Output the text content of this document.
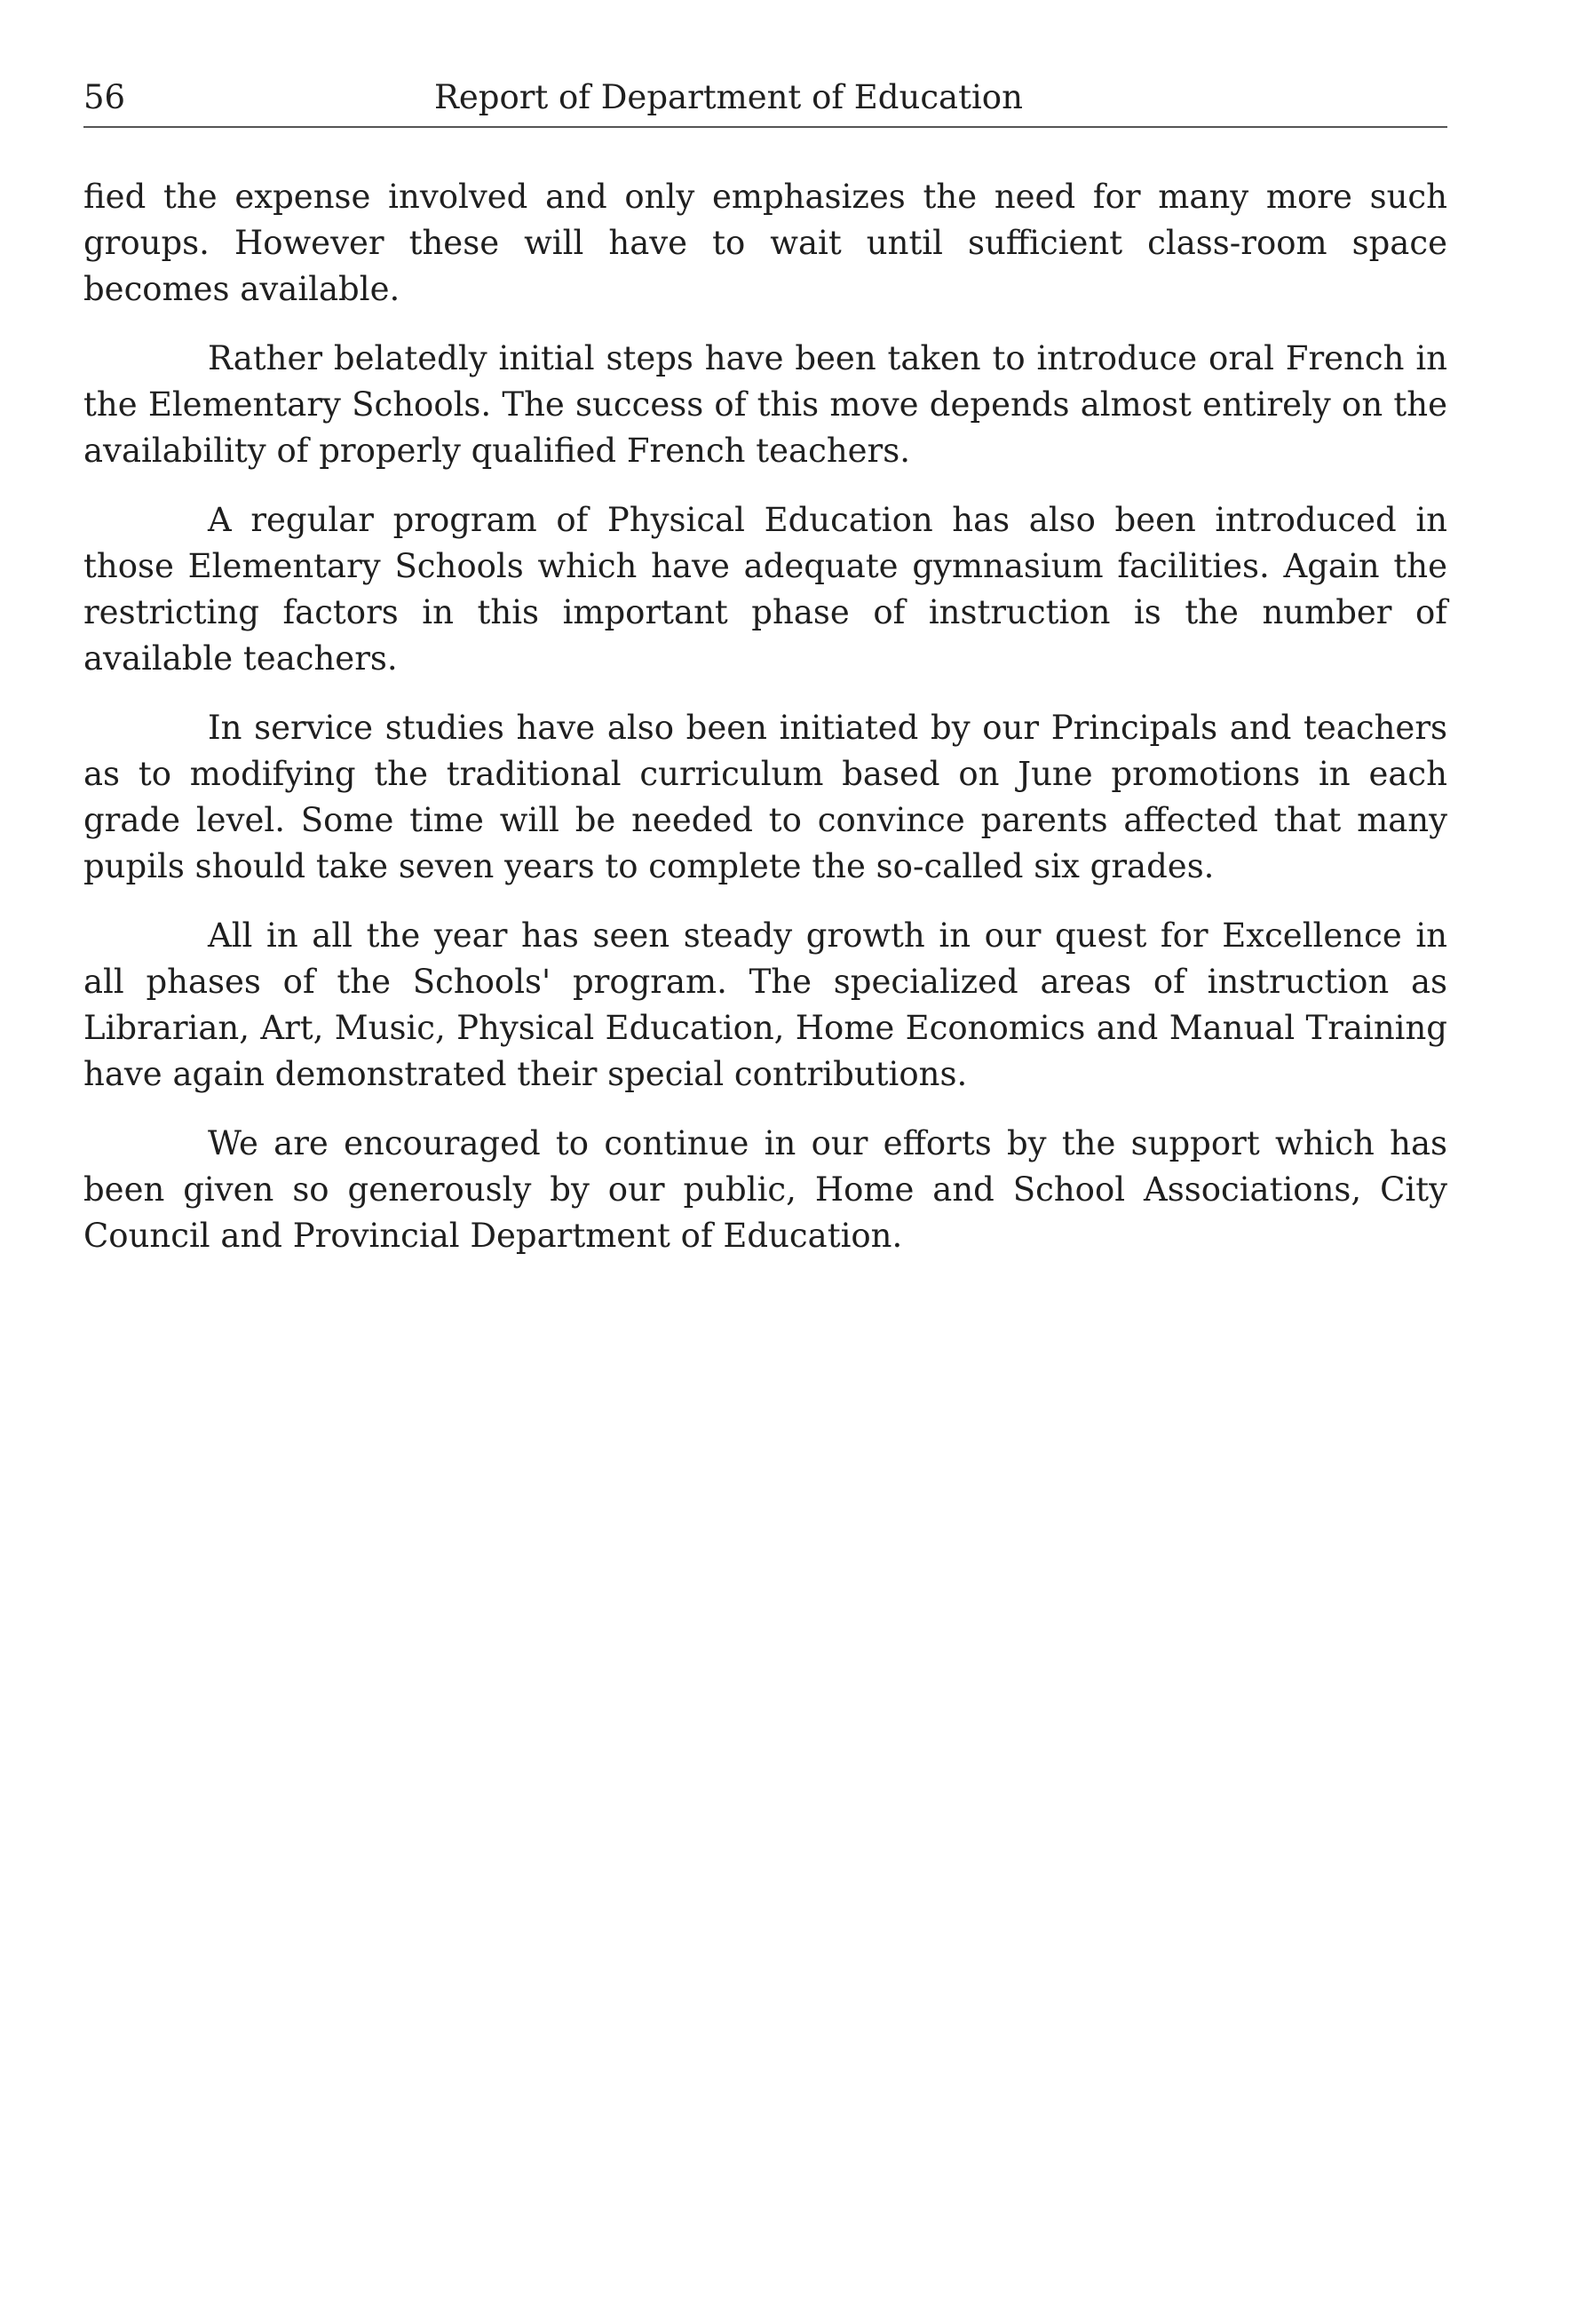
56	Report of Department of Education

fied the expense involved and only emphasizes the need for many more such groups. However these will have to wait until sufficient class-room space becomes available.

Rather belatedly initial steps have been taken to introduce oral French in the Elementary Schools. The success of this move depends almost entirely on the availability of properly qualified French teachers.

A regular program of Physical Education has also been introduced in those Elementary Schools which have adequate gymnasium facilities. Again the restricting factors in this important phase of instruction is the number of available teachers.

In service studies have also been initiated by our Principals and teachers as to modifying the traditional curriculum based on June promotions in each grade level. Some time will be needed to convince parents affected that many pupils should take seven years to complete the so-called six grades.

All in all the year has seen steady growth in our quest for Excellence in all phases of the Schools' program. The specialized areas of instruction as Librarian, Art, Music, Physical Education, Home Economics and Manual Training have again demonstrated their special contributions.

We are encouraged to continue in our efforts by the support which has been given so generously by our public, Home and School Associations, City Council and Provincial Department of Education.
